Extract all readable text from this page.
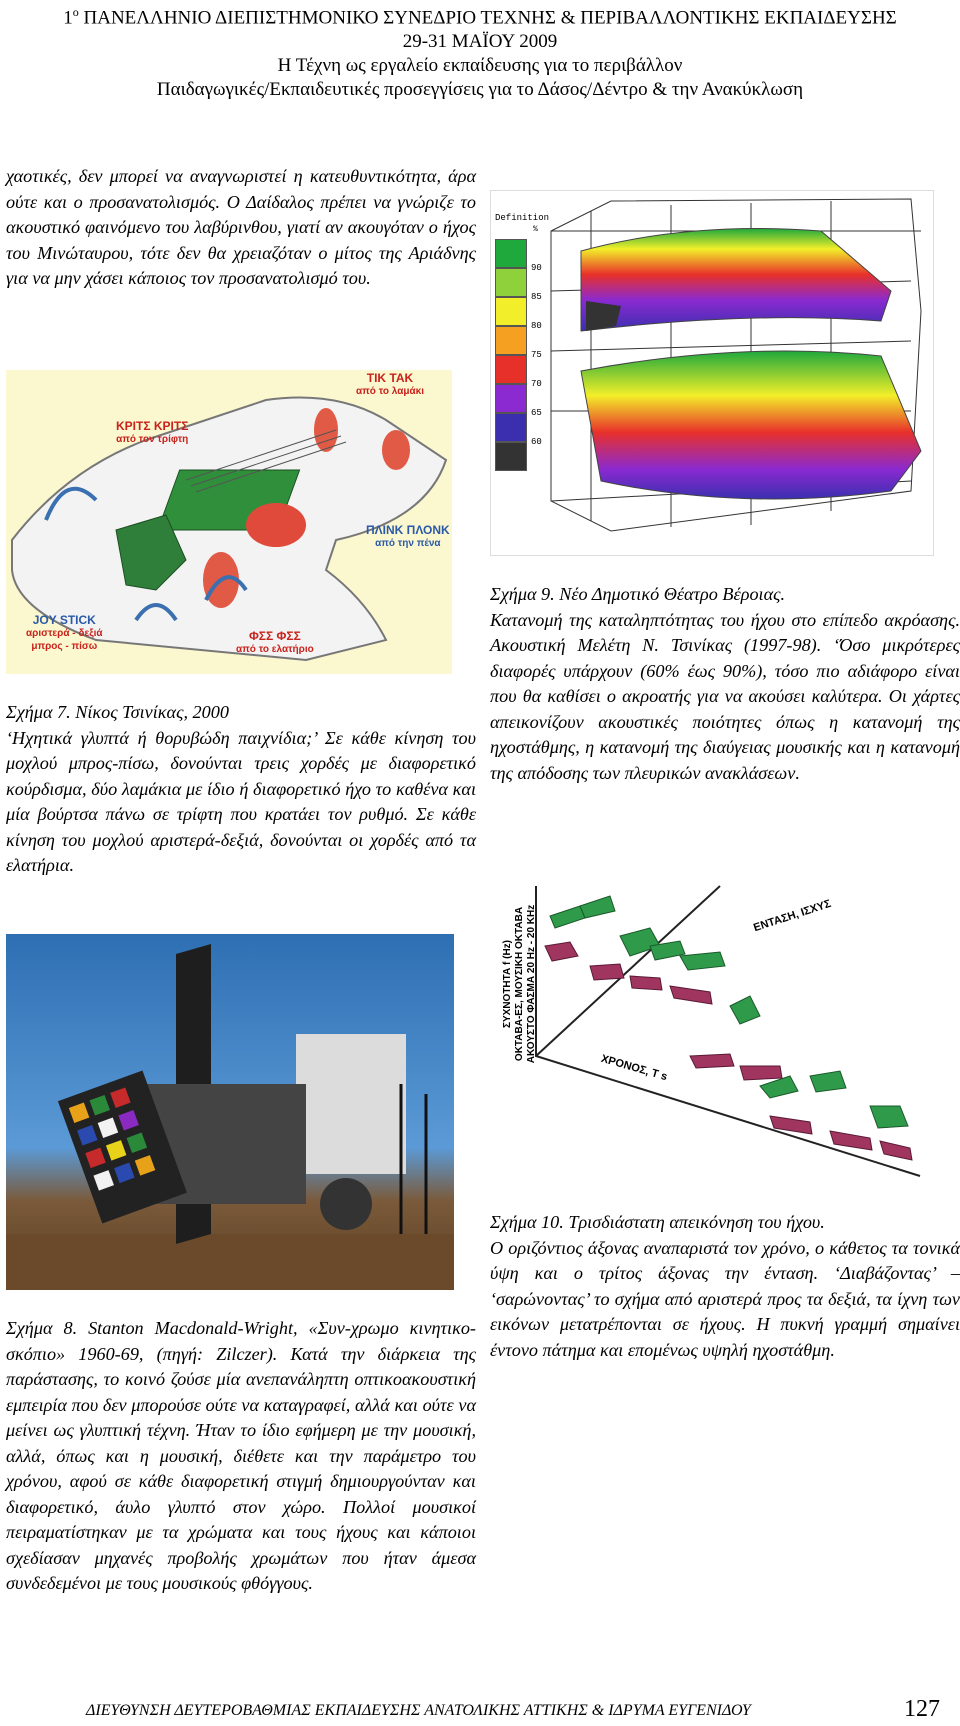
$1^o$ ΠΑΝΕΛΛΗΝΙΟ ΔΙΕΠΙΣΤΗΜΟΝΙΚΟ ΣΥΝΕΔΡΙΟ ΤΕΧΝΗΣ & ΠΕΡΙΒΑΛΛΟΝΤΙΚΗΣ ΕΚΠΑΙΔΕΥΣΗΣ
29-31 ΜΑΪΟΥ 2009
Η Τέχνη ως εργαλείο εκπαίδευσης για το περιβάλλον
Παιδαγωγικές/Εκπαιδευτικές προσεγγίσεις για το Δάσος/Δέντρο & την Ανακύκλωση

χαοτικές, δεν μπορεί να αναγνωριστεί η κατευθυντικότητα, άρα ούτε και ο προσανατολισμός. Ο Δαίδαλος πρέπει να γνώριζε το ακουστικό φαινόμενο του λαβύρινθου, γιατί αν ακουγόταν ο ήχος του Μινώταυρου, τότε δεν θα χρειαζόταν ο μίτος της Αριάδνης για να μην χάσει κάποιος τον προσανατολισμό του.

Definition
%
90
85
80
75
70
65
60
ΚΡΙΤΣ ΚΡΙΤΣ
από τον τρίφτη
ΤΙΚ ΤΑΚ
από το λαμάκι
ΠΛΙΝΚ ΠΛΟΝΚ
από την πένα
JOY STICK
αριστερά - δεξιά
μπρος - πίσω
ΦΣΣ ΦΣΣ
από το ελατήριο
Σχήμα 7. Νίκος Τσινίκας, 2000
‘Ηχητικά γλυπτά ή θορυβώδη παιχνίδια;’ Σε κάθε κίνηση του μοχλού μπρος-πίσω, δονούνται τρεις χορδές με διαφορετικό κούρδισμα, δύο λαμάκια με ίδιο ή διαφορετικό ήχο το καθένα και μία βούρτσα πάνω σε τρίφτη που κρατάει τον ρυθμό. Σε κάθε κίνηση του μοχλού αριστερά-δεξιά, δονούνται οι χορδές από τα ελατήρια.
Σχήμα 9. Νέο Δημοτικό Θέατρο Βέροιας.
Κατανομή της καταληπτότητας του ήχου στο επίπεδο ακρόασης. Ακουστική Μελέτη Ν. Τσινίκας (1997-98). ‘Όσο μικρότερες διαφορές υπάρχουν (60% έως 90%), τόσο πιο αδιάφορο είναι που θα καθίσει ο ακροατής για να ακούσει καλύτερα. Οι χάρτες απεικονίζουν ακουστικές ποιότητες όπως η κατανομή της ηχοστάθμης, η κατανομή της διαύγειας μουσικής και η κατανομή της απόδοσης των πλευρικών ανακλάσεων.
ΣΥΧΝΟΤΗΤΑ f (Hz) ΟΚΤΑΒΑ-ΕΣ, ΜΟΥΣΙΚΗ ΟΚΤΑΒΑ ΑΚΟΥΣΤΟ ΦΑΣΜΑ 20 Hz - 20 KHz
ΧΡΟΝΟΣ, T s
ΕΝΤΑΣΗ, ΙΣΧΥΣ
Σχήμα 10. Τρισδιάστατη απεικόνηση του ήχου.
Ο οριζόντιος άξονας αναπαριστά τον χρόνο, ο κάθετος τα τονικά ύψη και ο τρίτος άξονας την ένταση. ‘Διαβάζοντας’ – ‘σαρώνοντας’ το σχήμα από αριστερά προς τα δεξιά, τα ίχνη των εικόνων μετατρέπονται σε ήχους. Η πυκνή γραμμή σημαίνει έντονο πάτημα και επομένως υψηλή ηχοστάθμη.

Σχήμα 8. Stanton Macdonald-Wright, «Συν-χρωμο κινητικο-σκόπιο» 1960-69, (πηγή: Zilczer). Κατά την διάρκεια της παράστασης, το κοινό ζούσε μία ανεπανάληπτη οπτικοακουστική εμπειρία που δεν μπορούσε ούτε να καταγραφεί, αλλά και ούτε να μείνει ως γλυπτική τέχνη. Ήταν το ίδιο εφήμερη με την μουσική, αλλά, όπως και η μουσική, διέθετε και την παράμετρο του χρόνου, αφού σε κάθε διαφορετική στιγμή δημιουργούνταν και διαφορετικό, άυλο γλυπτό στον χώρο. Πολλοί μουσικοί πειραματίστηκαν με τα χρώματα και τους ήχους και κάποιοι σχεδίασαν μηχανές προβολής χρωμάτων που ήταν άμεσα συνδεδεμένοι με τους μουσικούς φθόγγους.

ΔΙΕΥΘΥΝΣΗ ΔΕΥΤΕΡΟΒΑΘΜΙΑΣ ΕΚΠΑΙΔΕΥΣΗΣ ΑΝΑΤΟΛΙΚΗΣ ΑΤΤΙΚΗΣ & ΙΔΡΥΜΑ ΕΥΓΕΝΙΔΟΥ	127
